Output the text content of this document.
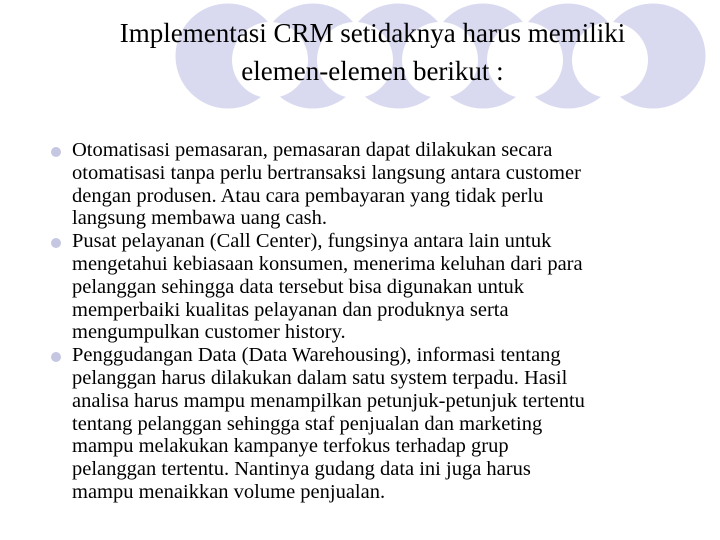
Implementasi CRM setidaknya harus memiliki
elemen-elemen berikut :
Otomatisasi pemasaran, pemasaran dapat dilakukan secara
otomatisasi tanpa perlu bertransaksi langsung antara customer
dengan produsen. Atau cara pembayaran yang tidak perlu
langsung membawa uang cash.
Pusat pelayanan (Call Center), fungsinya antara lain untuk
mengetahui kebiasaan konsumen, menerima keluhan dari para
pelanggan sehingga data tersebut bisa digunakan untuk
memperbaiki kualitas pelayanan dan produknya serta
mengumpulkan customer history.
Penggudangan Data (Data Warehousing), informasi tentang
pelanggan harus dilakukan dalam satu system terpadu. Hasil
analisa harus mampu menampilkan petunjuk-petunjuk tertentu
tentang pelanggan sehingga staf penjualan dan marketing
mampu melakukan kampanye terfokus terhadap grup
pelanggan tertentu. Nantinya gudang data ini juga harus
mampu menaikkan volume penjualan.
